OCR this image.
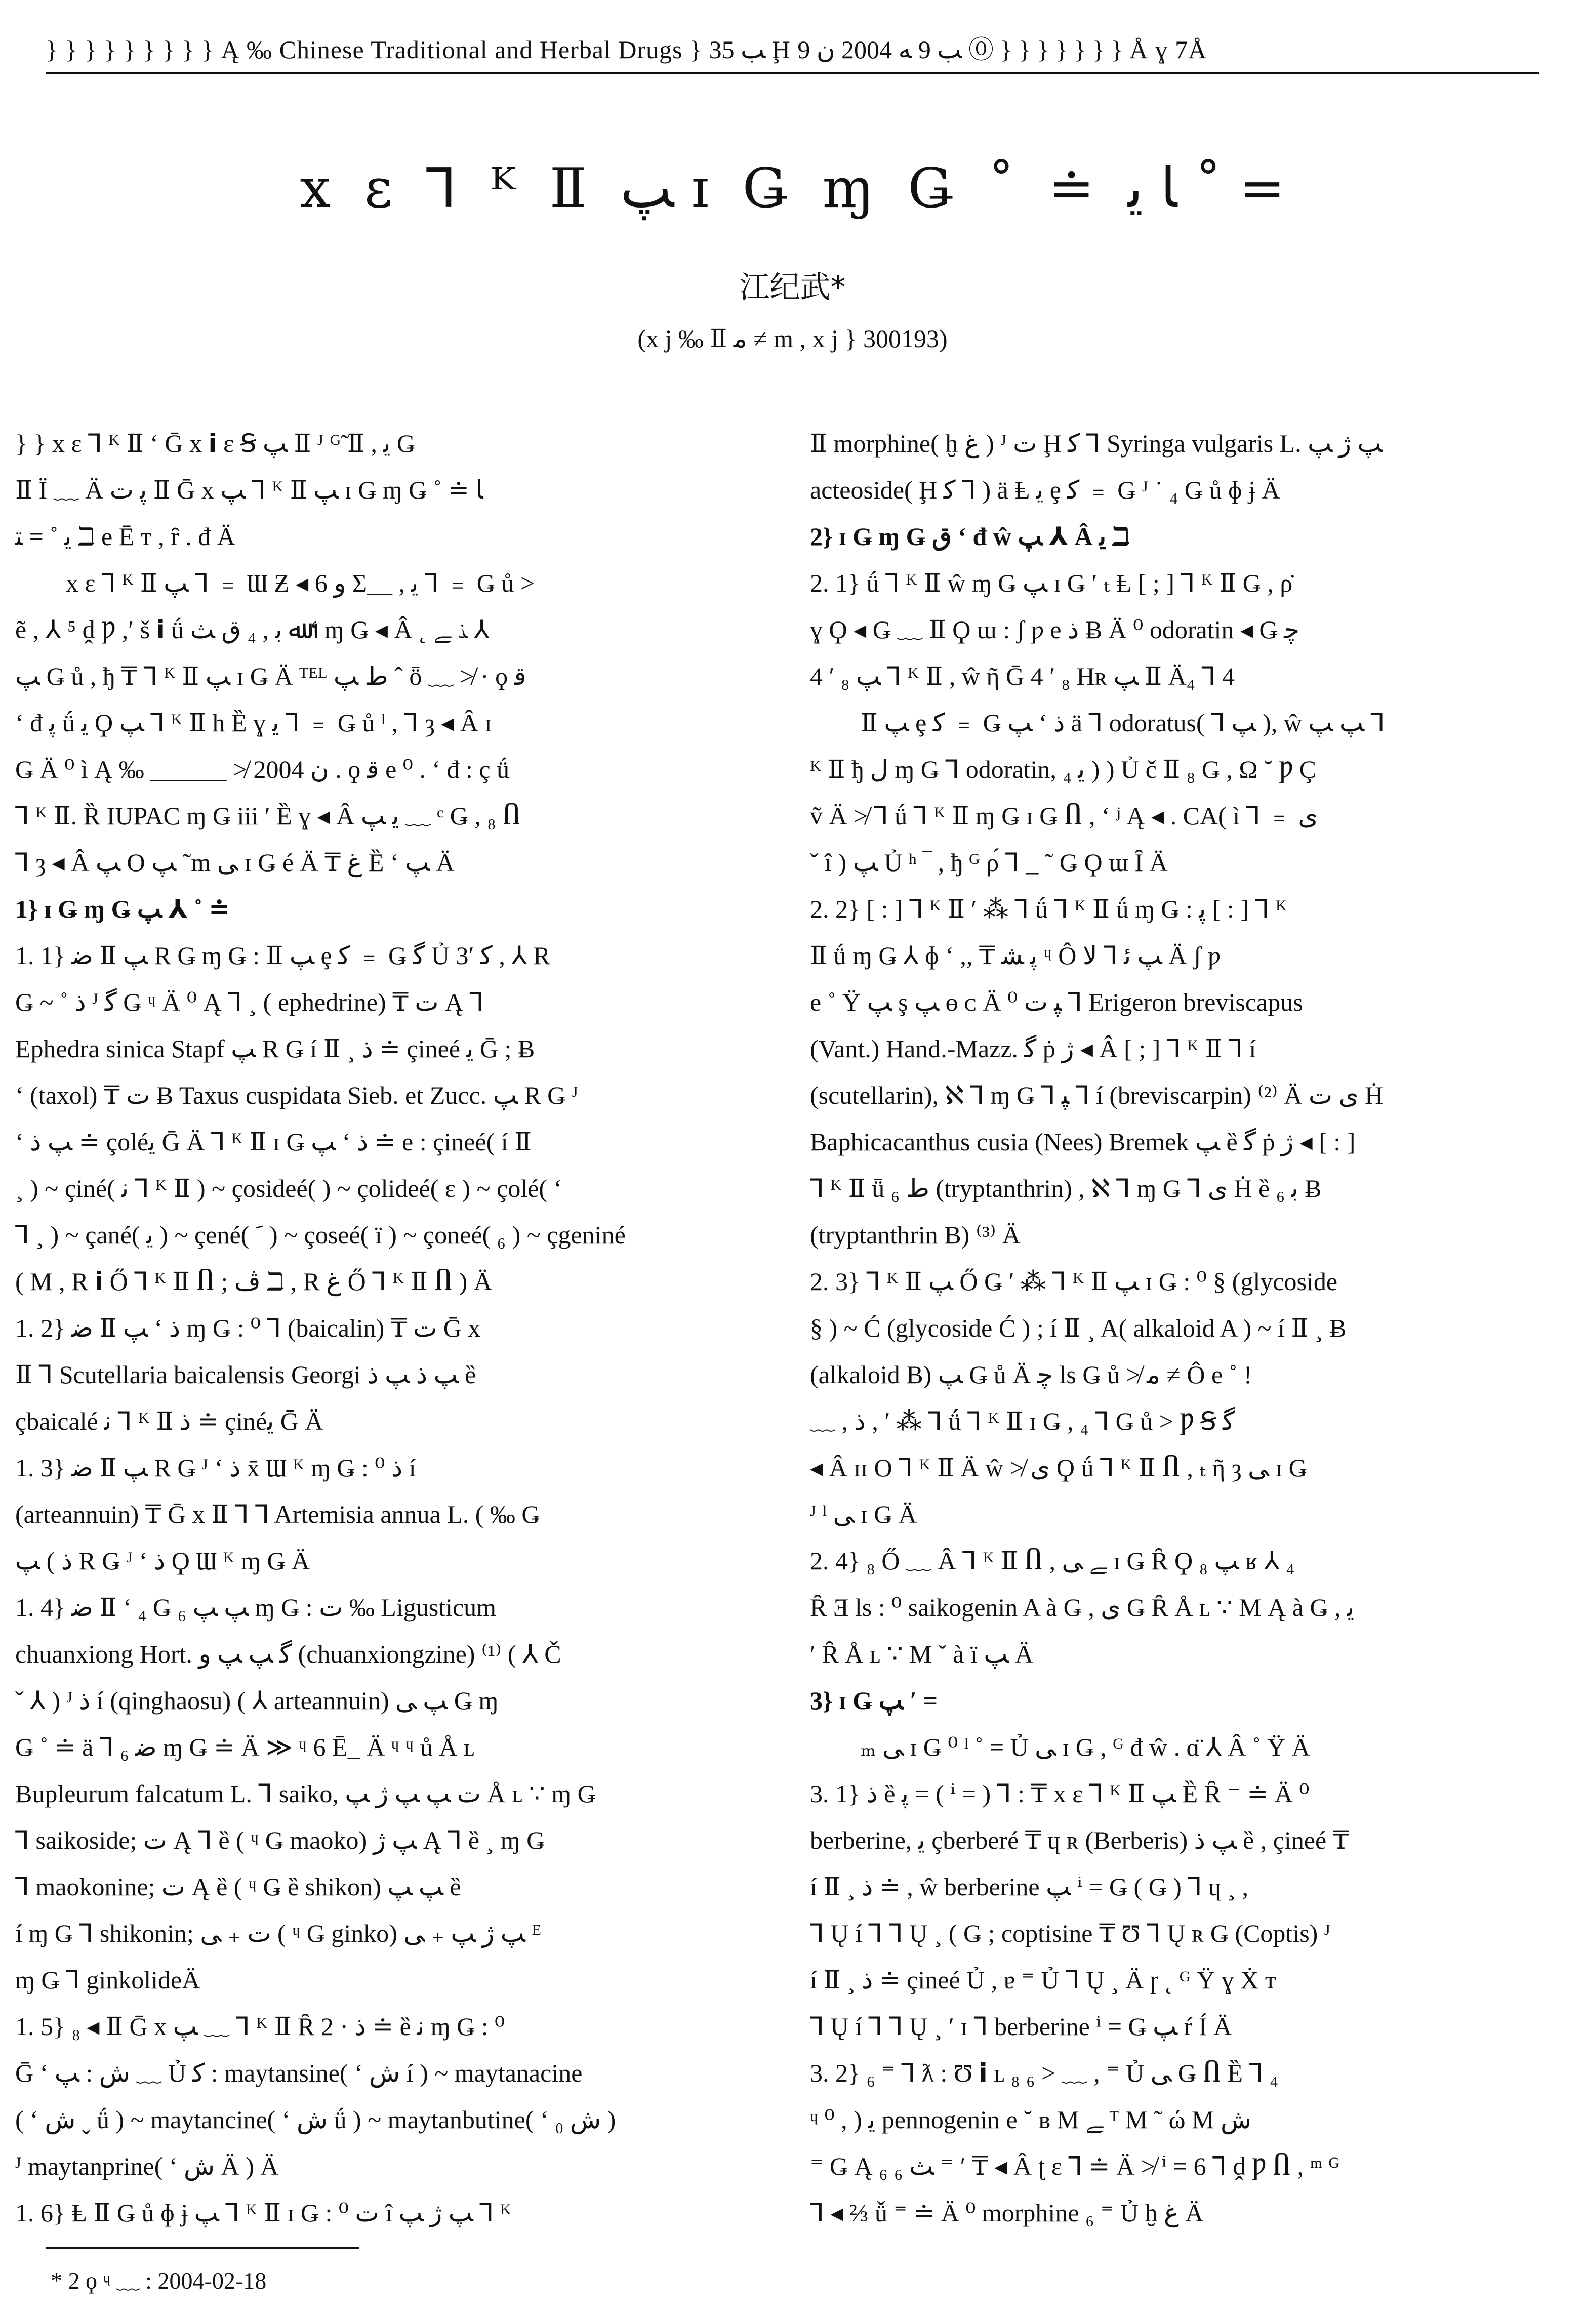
} } } } } } } } } Ą ‰ Chinese Traditional and Herbal Drugs } ﺐ 35 Ḩ ﺐ 9 ﻪ 2004 ﻥ 9 ⓪ } } } } } } } Å ɣ 7Å
x ɛ ⅂ ᴷ Ⅱ ﭗ ɪ Ǥ ɱ Ǥ ˚ ≐ ﺎ ﻳ ˚ =
江纪武*
(x j ‰ Ⅱ ﻣ ≠ m , x j } 300193)
} } x ɛ ⅂ ᴷ Ⅱ ʻ Ḡ x 𝗶 ɛ Ꞩ ﭗ Ⅱ ᴶ ᴳ̃ Ⅱ , ﻳ Ǥ
Ⅱ Ï ﹏ Ä ﭘ ﺕ Ⅱ Ḡ x ﭗ ⅂ ᴷ Ⅱ ﭗ ɪ Ǥ ɱ Ǥ ˚ ≐ ﺎ
ﻳ ˚ = ﺘ ℶ e Ē т , ȓ . đ Ä
x ɛ ⅂ ᴷ Ⅱ ﭗ ⅂ ﹦ Ɯ Ƶ ◂ ﻭ 6 Σ__ , ﻳ ⅂ ﹦ Ǥ ů >
ẽ , ⅄ ⁵ ḓ Ƿ ,ʹ š 𝗶 ǘ ﷲ ﺑ , ₄ ﻕ ﺚ ʻ ɱ Ǥ ◂ Â ˛ ﺬ ﮯ ⅄
ﭗ Ǥ ů , ђ ₸ ⅂ ᴷ Ⅱ ﭗ ɪ Ǥ Ä ᵀᴱᴸ ﻁ ﭗ ˆ ȫ ﹏ ≯ · ϙ ﻗ
ʻ đ ﭘ ǘ ﻳ Ϙ ﭗ ⅂ ᴷ Ⅱ h Ȅ ɣ ﻳ ⅂ ﹦ Ǥ ů ˡ , ⅂ ȝ ◂ Â ɪ
Ǥ Ä ⁰ ì Ą ‰ ______ ≯ 2004 ﻥ . ϙ ﻗ e ⁰ . ʻ đ : ç ǘ
⅂ ᴷ Ⅱ. Ȑ IUPAC ɱ Ǥ iii ʹ Ȅ ɣ ◂ Â ﻳ ﭗ ﹏ ᶜ Ǥ , ₈ Ⴖ
⅂ ȝ ◂ Â ﭗ O ﭗ ˜m ﻰ ɪ Ǥ é Ä ₸ ﻍ Ȅ ʻ ﭗ Ä
1} ɪ Ǥ ɱ Ǥ ﭗ ⅄ ˚ ≐
1. 1} ﺿ Ⅱ ﭗ R Ǥ ɱ Ǥ : Ⅱ ﭗ ȩ ﮐ ﹦ Ǥ ﮔ Ủ 3ʹ ﮐ , ⅄ R
Ǥ ~ ˚ ﺫ ᴶ ﮔ Ǥ ᶣ Ä ⁰ Ą ⅂ ¸ ( ephedrine) ₸ ﺕ Ą ⅂
Ephedra sinica Stapf ﭗ R Ǥ í Ⅱ ¸ ﺫ ≐ çineé ﻳ Ḡ ; Ƀ
ʻ (taxol) ₸ ﺕ Ƀ Taxus cuspidata Sieb. et Zucc. ﭗ R Ǥ ᴶ
ʻ ﭗ ﺫ ≐ çoléﻳ Ḡ Ä ⅂ ᴷ Ⅱ ɪ Ǥ ﭗ ʻ ﺫ ≐ e : çineé( í Ⅱ
¸ ) ~ çiné( ﻧ ⅂ ᴷ Ⅱ ) ~ çosideé( ) ~ çolideé( ɛ ) ~ çolé( ʻ
⅂ ¸ ) ~ çané( ﻳ ) ~ çené( ﹶ ) ~ çoseé( ï ) ~ çoneé( ₆ ) ~ çgeniné
( M , R 𝗶 Ő ⅂ ᴷ Ⅱ Ⴖ ; ﭪ ℶ , R ﻍ Ő ⅂ ᴷ Ⅱ Ⴖ ) Ä
1. 2} ﺿ Ⅱ ﭗ ʻ ﺫ ɱ Ǥ : ⁰ ⅂ (baicalin) ₸ ﺕ Ḡ x
Ⅱ ⅂ Scutellaria baicalensis Georgi ﭗ ﺫ ﭗ ﺫ ȅ
çbaicalé ﻧ ⅂ ᴷ Ⅱ ﺫ ≐ çinéﻳ Ḡ Ä
1. 3} ﺿ Ⅱ ﭗ R Ǥ ᴶ ʻ ﺫ x̄ Ɯ ᴷ ɱ Ǥ : ⁰ ﺫ í
(arteannuin) ₸ Ḡ x Ⅱ ⅂ ⅂ Artemisia annua L. ( ‰ Ǥ
ﺫ ) ﭗ R Ǥ ᴶ ʻ ﺫ Ϙ Ɯ ᴷ ɱ Ǥ Ä
1. 4} ﺿ Ⅱ ʻ ₄ Ǥ ﭗ ﭗ ₆ ɱ Ǥ : ﺕ ‰ Ligusticum
chuanxiong Hort. ﮔ ﭗ ﭗ ﻭ (chuanxiongzine) ⁽¹⁾ ( ⅄ Č
ˇ ⅄ ) ᴶ ﺫ í (qinghaosu) ( ⅄ arteannuin) ﭗ ﻰ Ǥ ɱ
Ǥ ˚ ≐ ä ⅂ ﺿ ₆ ɱ Ǥ ≐ Ä ≫ ᶣ 6 Ē_ Ä ᶣ ᶣ ů Å ʟ
Bupleurum falcatum L. ⅂ saiko, ﺕ ﭗ ﭗ ﮊ ﭗ Å ʟ ∵ ɱ Ǥ
⅂ saikoside; ﺕ Ą ⅂ ȅ ( ᶣ Ǥ maoko) ﭗ ﮊ Ą ⅂ ȅ ¸ ɱ Ǥ
⅂ maokonine; ﺕ Ą ȅ ( ᶣ Ǥ ȅ shikon) ﭗ ﭗ ȅ
í ɱ Ǥ ⅂ shikonin; ﺕ ₊ ﻰ ( ᶣ Ǥ ginko) ﭗ ﮊ ﭗ ₊ ﻰ ᴱ
ɱ Ǥ ⅂ ginkolideÄ
1. 5} ₈ ◂ Ⅱ Ḡ x ﭗ ﹏ ⅂ ᴷ Ⅱ Ȓ 2 · ﺫ ≐ ȅ ﻧ ɱ Ǥ : ⁰
Ḡ ʻ ﺵ : ﭗ ﹏ Ủ ﮐ : maytansine( ʻ ﺵ í ) ~ maytanacine
( ʻ ﺵ ˬ ǘ ) ~ maytancine( ʻ ﺵ ǘ ) ~ maytanbutine( ʻ ﺵ ₀ )
ᴶ maytanprine( ʻ ﺵ Ä ) Ä
1. 6} Ⱡ Ⅱ Ǥ ů ɸ ɉ ﭗ ⅂ ᴷ Ⅱ ɪ Ǥ : ⁰ ﺕ î ﭗ ﮊ ﭗ ⅂ ᴷ
Ⅱ morphine( ḫ ﻍ ) ᴶ ﺕ Ḩ ﮐ ⅂ Syringa vulgaris L. ﭗ ﮊ ﭗ
acteoside( Ḩ ﮐ ⅂ ) ä Ⱡ ﻳ ȩ ﮐ ﹦ Ǥ ᴶ ˙ ₄ Ǥ ů ɸ ɉ Ä
2} ɪ Ǥ ɱ Ǥ ﻕ ʻ đ ŵ ﭗ ⅄ Â ﻳ ℶ
2. 1} ǘ ⅂ ᴷ Ⅱ ŵ ɱ Ǥ ﭗ ɪ Ǥ ʹ ₜ Ⱡ [ ; ] ⅂ ᴷ Ⅱ Ǥ , ρ̇
ɣ Ϙ ◂ Ǥ ﹏ Ⅱ Ϙ ɯ : ʃ ƿ e ﺫ Ƀ Ä ⁰ odoratin ◂ Ǥ ﭼ
4 ʹ ₈ ﭗ ⅂ ᴷ Ⅱ , ŵ ῆ Ḡ 4 ʹ ₈ Hʀ ﭗ Ⅱ Ä₄ ⅂ 4
Ⅱ ﭗ ȩ ﮐ ﹦ Ǥ ﭗ ʻ ﺫ ä ⅂ odoratus( ⅂ ﭗ ), ŵ ﭗ ﭗ ⅂
ᴷ Ⅱ ђ ﻝ ɱ Ǥ ⅂ odoratin, ₄ ﻳ ) ) Ủ č Ⅱ ₈ Ǥ , Ω ˘ Ƿ Ç
ṽ Ä ≯ ⅂ ǘ ⅂ ᴷ Ⅱ ɱ Ǥ ɪ Ǥ Ⴖ , ʻ ʲ Ą ◂ . CA( ì ⅂ ﹦ ﻯ
ˇ î ) ﭗ Ủ ʰ ‾ , ђ ᴳ ρ́ ⅂ _ ˜ Ǥ Ϙ ɯ Ȋ Ä
2. 2} [ : ] ⅂ ᴷ Ⅱ ʹ ⁂ ⅂ ǘ ⅂ ᴷ Ⅱ ǘ ɱ Ǥ : ﭘ [ : ] ⅂ ᴷ
Ⅱ ǘ ɱ Ǥ ⅄ ɸ ʻ ,, ₸ ﭘ ﺸ ᶣ Ô ﭗ ﺋ ⅂ ﻻ Ä ʃ ƿ
e ˚ Ÿ ﭗ ş ﭗ ɵ ᴄ Ä ⁰ ﭙ ﺕ ⅂ Erigeron breviscapus
(Vant.) Hand.-Mazz. ﮔ ṗ ﮊ ◂ Â [ ; ] ⅂ ᴷ Ⅱ ⅂ í
(scutellarin), ℵ ⅂ ɱ Ǥ ⅂ ﭙ ⅂ í (breviscarpin) ⁽²⁾ Ä ﻯ ﺕ Ḣ
Baphicacanthus cusia (Nees) Bremek ﭗ ȅ ﮔ ṗ ﮊ ◂ [ : ]
⅂ ᴷ Ⅱ ǖ ﻁ ₆ (tryptanthrin) , ℵ ⅂ ɱ Ǥ ⅂ ﻯ Ḣ ȅ ﺑ ₆ Ƀ
(tryptanthrin B) ⁽³⁾ Ä
2. 3} ⅂ ᴷ Ⅱ ﭗ Ő Ǥ ʹ ⁂ ⅂ ᴷ Ⅱ ﭗ ɪ Ǥ : ⁰ § (glycoside
§ ) ~ Ć (glycoside Ć ) ; í Ⅱ ¸ A( alkaloid A ) ~ í Ⅱ ¸ Ƀ
(alkaloid B) ﭗ Ǥ ů Ä ﭼ ls Ǥ ů ≯ ﻣ ≠ Ô e ˚ !
﹏ , ﺫ , ʹ ⁂ ⅂ ǘ ⅂ ᴷ Ⅱ ɪ Ǥ , ₄ ⅂ Ǥ ů > Ƿ Ꞩ ﮔ
◂ Â ɪɪ O ⅂ ᴷ Ⅱ Ä ŵ ≯ ﻯ Ϙ ǘ ⅂ ᴷ Ⅱ Ⴖ , ₜ ῆ ȝ ﻰ ɪ Ǥ
ᴶ ˡ ﻰ ɪ Ǥ Ä
2. 4} ₈ Ő ﹏ Â ⅂ ᴷ Ⅱ Ⴖ , ﮯ ﻰ ɪ Ǥ Ȓ Ϙ ₈ ﭗ ʁ ⅄ ₄
Ȓ Ǝ ls : ⁰ saikogenin A à Ǥ , ﻯ Ǥ Ȓ Å ʟ ∵ M Ą à Ǥ , ﻳ
ʹ Ȓ Å ʟ ∵ M ˇ à ï ﭗ Ä
3} ɪ Ǥ ﭗ ʹ =
ₘ ﻰ ɪ Ǥ ⁰ ˡ ˚ = Ủ ﻰ ɪ Ǥ , ᴳ đ ŵ . ɑ̈ ⅄ Â ˚ Ÿ Ä
3. 1} ﺫ ȅ ﭘ = ( ⁱ = ) ⅂ : ₸ x ɛ ⅂ ᴷ Ⅱ ﭗ Ȅ Ȓ ⁻ ≐ Ä ⁰
berberine, ﻳ çberberé ₸ ɥ ʀ (Berberis) ﭗ ﺫ ȅ , çineé ₸
í Ⅱ ¸ ﺫ ≐ , ŵ berberine ﭗ ⁱ = Ǥ ( Ǥ ) ⅂ ɥ ¸ ,
⅂ Ų í ⅂ ⅂ Ų ¸ ( Ǥ ; coptisine ₸ Ʊ ⅂ Ų ʀ Ǥ (Coptis) ᴶ
í Ⅱ ¸ ﺫ ≐ çineé Ủ , ɐ ⁼ Ủ ⅂ Ų ¸ Ä ɼ ˛ ᴳ Ÿ ɣ Ẋ ᴛ
⅂ Ų í ⅂ ⅂ Ų ¸ ʹ ɪ ⅂ berberine ⁱ = Ǥ ﭗ ŕ Í Ä
3. 2} ₆ ⁼ ⅂ ƛ : Ʊ 𝗶 ʟ ₈ ₆ > ﹏ , ⁼ Ủ ﻰ Ǥ Ⴖ Ȅ ⅂ ₄
ᶣ ﻳ ( , ⁰ pennogenin e ˘ ʙ M ﮯ ᵀ M ˜ ώ M ﺵ
⁼ Ǥ Ą ₆ ﺚ ₆ ⁼ ʹ ₸ ◂ Â ʈ ɛ ⅂ ≐ Ä ≯ ⁱ = 6 ⅂ ḓ Ƿ Ⴖ , ᵐ ᴳ
⅂ ◂ ⅔ ǚ ⁼ ≐ Ä ⁰ morphine ₆ ⁼ Ủ ḫ ﻍ Ä
* 2 ϙ ᶣ ﹏ : 2004-02-18
